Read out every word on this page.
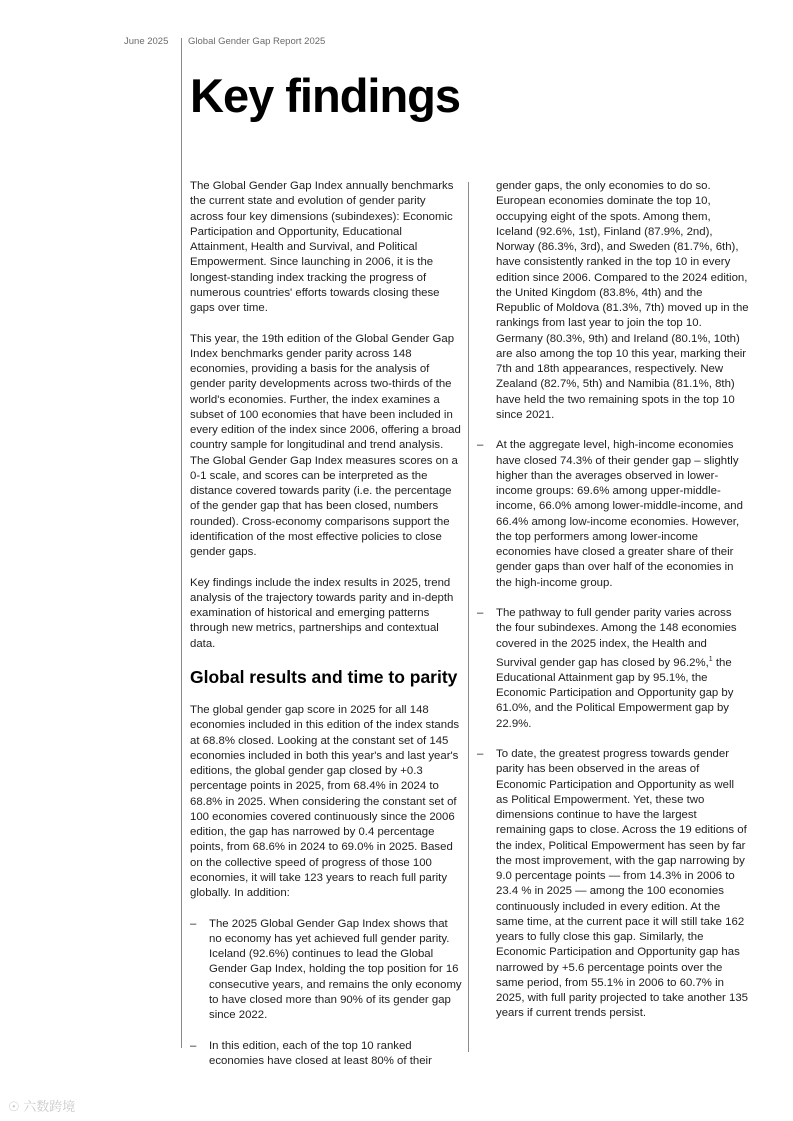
June 2025 Global Gender Gap Report 2025
Key findings

The Global Gender Gap Index annually benchmarks the current state and evolution of gender parity across four key dimensions (subindexes): Economic Participation and Opportunity, Educational Attainment, Health and Survival, and Political Empowerment. Since launching in 2006, it is the longest-standing index tracking the progress of numerous countries' efforts towards closing these gaps over time.

This year, the 19th edition of the Global Gender Gap Index benchmarks gender parity across 148 economies, providing a basis for the analysis of gender parity developments across two-thirds of the world's economies. Further, the index examines a subset of 100 economies that have been included in every edition of the index since 2006, offering a broad country sample for longitudinal and trend analysis. The Global Gender Gap Index measures scores on a 0-1 scale, and scores can be interpreted as the distance covered towards parity (i.e. the percentage of the gender gap that has been closed, numbers rounded). Cross-economy comparisons support the identification of the most effective policies to close gender gaps.

Key findings include the index results in 2025, trend analysis of the trajectory towards parity and in-depth examination of historical and emerging patterns through new metrics, partnerships and contextual data.

Global results and time to parity

The global gender gap score in 2025 for all 148 economies included in this edition of the index stands at 68.8% closed. Looking at the constant set of 145 economies included in both this year's and last year's editions, the global gender gap closed by +0.3 percentage points in 2025, from 68.4% in 2024 to 68.8% in 2025. When considering the constant set of 100 economies covered continuously since the 2006 edition, the gap has narrowed by 0.4 percentage points, from 68.6% in 2024 to 69.0% in 2025. Based on the collective speed of progress of those 100 economies, it will take 123 years to reach full parity globally. In addition:

– The 2025 Global Gender Gap Index shows that no economy has yet achieved full gender parity. Iceland (92.6%) continues to lead the Global Gender Gap Index, holding the top position for 16 consecutive years, and remains the only economy to have closed more than 90% of its gender gap since 2022.
– In this edition, each of the top 10 ranked economies have closed at least 80% of their
gender gaps, the only economies to do so. European economies dominate the top 10, occupying eight of the spots. Among them, Iceland (92.6%, 1st), Finland (87.9%, 2nd), Norway (86.3%, 3rd), and Sweden (81.7%, 6th), have consistently ranked in the top 10 in every edition since 2006. Compared to the 2024 edition, the United Kingdom (83.8%, 4th) and the Republic of Moldova (81.3%, 7th) moved up in the rankings from last year to join the top 10. Germany (80.3%, 9th) and Ireland (80.1%, 10th) are also among the top 10 this year, marking their 7th and 18th appearances, respectively. New Zealand (82.7%, 5th) and Namibia (81.1%, 8th) have held the two remaining spots in the top 10 since 2021.
– At the aggregate level, high-income economies have closed 74.3% of their gender gap – slightly higher than the averages observed in lower-income groups: 69.6% among upper-middle-income, 66.0% among lower-middle-income, and 66.4% among low-income economies. However, the top performers among lower-income economies have closed a greater share of their gender gaps than over half of the economies in the high-income group.
– The pathway to full gender parity varies across the four subindexes. Among the 148 economies covered in the 2025 index, the Health and Survival gender gap has closed by 96.2%,$^1$ the Educational Attainment gap by 95.1%, the Economic Participation and Opportunity gap by 61.0%, and the Political Empowerment gap by 22.9%.
– To date, the greatest progress towards gender parity has been observed in the areas of Economic Participation and Opportunity as well as Political Empowerment. Yet, these two dimensions continue to have the largest remaining gaps to close. Across the 19 editions of the index, Political Empowerment has seen by far the most improvement, with the gap narrowing by 9.0 percentage points — from 14.3% in 2006 to 23.4 % in 2025 — among the 100 economies continuously included in every edition. At the same time, at the current pace it will still take 162 years to fully close this gap. Similarly, the Economic Participation and Opportunity gap has narrowed by +5.6 percentage points over the same period, from 55.1% in 2006 to 60.7% in 2025, with full parity projected to take another 135 years if current trends persist.
☉ 六数跨境
